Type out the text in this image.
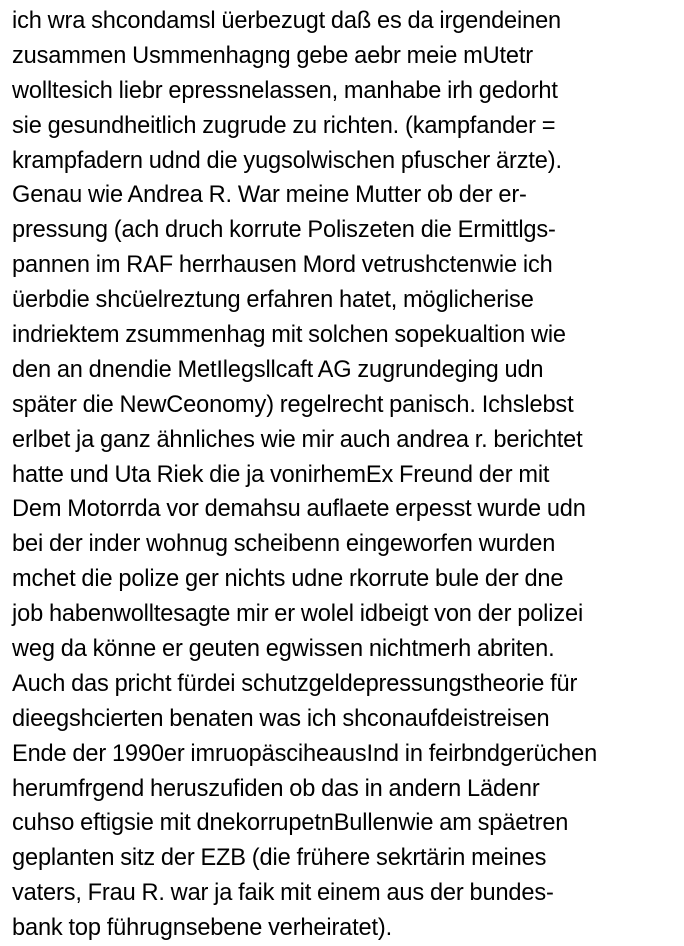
ich wra shcondamsl üerbezugt daß es da irgendeinen
zusammen Usmmenhagng gebe aebr meie mUtetr
wolltesich liebr epressnelassen, manhabe irh gedorht
sie gesundheitlich zugrude zu richten. (kampfander =
krampfadern udnd die yugsolwischen pfuscher ärzte).
Genau wie Andrea R. War meine Mutter ob der er-
pressung (ach druch korrute Poliszeten die Ermittlgs-
pannen im RAF herrhausen Mord vetrushctenwie ich
üerbdie shcüelreztung erfahren hatet, möglicherise
indriektem zsummenhag mit solchen sopekualtion wie
den an dnendie MetIlegsllcaft AG zugrundeging udn
später die NewCeonomy) regelrecht panisch. Ichslebst
erlbet ja ganz ähnliches wie mir auch andrea r. berichtet
hatte und Uta Riek die ja vonirhemEx Freund der mit
Dem Motorrda vor demahsu auflaete erpesst wurde udn
bei der inder wohnug scheibenn eingeworfen wurden
mchet die polize ger nichts udne rkorrute bule der dne
job habenwolltesagte mir er wolel idbeigt von der polizei
weg da könne er geuten egwissen nichtmerh abriten.
Auch das pricht fürdei schutzgeldepressungstheorie für
dieegshcierten benaten was ich shconaufdeistreisen
Ende der 1990er imruopäsciheausInd in feirbndgerüchen
herumfrgend heruszufiden ob das in andern Lädenr
cuhso eftigsie mit dnekorrupetnBullenwie am späetren
geplanten sitz der EZB (die frühere sekrtärin meines
vaters, Frau R. war ja faik mit einem aus der bundes-
bank top führugnsebene verheiratet).
